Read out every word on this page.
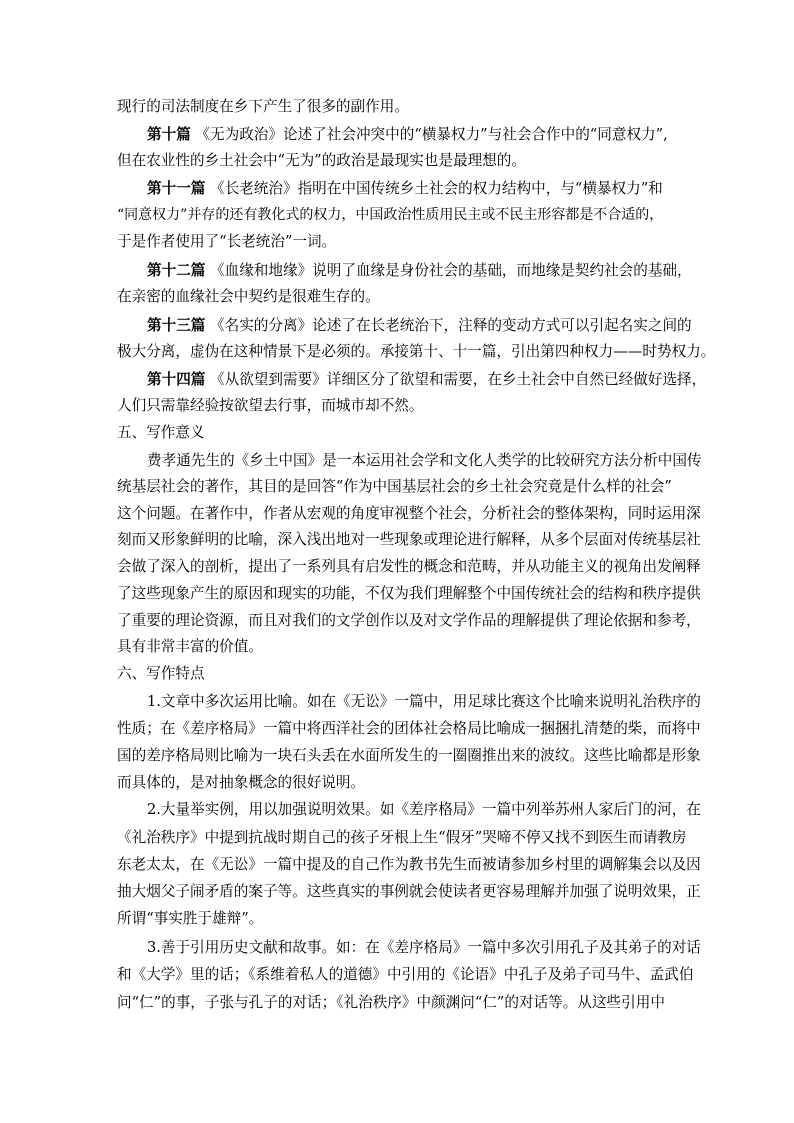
现行的司法制度在乡下产生了很多的副作用。
第十篇 《无为政治》论述了社会冲突中的“横暴权力”与社会合作中的“同意权力”,
但在农业性的乡土社会中“无为”的政治是最现实也是最理想的。
第十一篇 《长老统治》指明在中国传统乡土社会的权力结构中，与“横暴权力”和
“同意权力”并存的还有教化式的权力，中国政治性质用民主或不民主形容都是不合适的，
于是作者使用了“长老统治”一词。
第十二篇 《血缘和地缘》说明了血缘是身份社会的基础，而地缘是契约社会的基础，
在亲密的血缘社会中契约是很难生存的。
第十三篇 《名实的分离》论述了在长老统治下，注释的变动方式可以引起名实之间的
极大分离，虚伪在这种情景下是必须的。承接第十、十一篇，引出第四种权力——时势权力。
第十四篇 《从欲望到需要》详细区分了欲望和需要，在乡土社会中自然已经做好选择，
人们只需靠经验按欲望去行事，而城市却不然。
五、写作意义
费孝通先生的《乡土中国》是一本运用社会学和文化人类学的比较研究方法分析中国传
统基层社会的著作，其目的是回答“作为中国基层社会的乡土社会究竟是什么样的社会”
这个问题。在著作中，作者从宏观的角度审视整个社会，分析社会的整体架构，同时运用深
刻而又形象鲜明的比喻，深入浅出地对一些现象或理论进行解释，从多个层面对传统基层社
会做了深入的剖析，提出了一系列具有启发性的概念和范畴，并从功能主义的视角出发阐释
了这些现象产生的原因和现实的功能，不仅为我们理解整个中国传统社会的结构和秩序提供
了重要的理论资源，而且对我们的文学创作以及对文学作品的理解提供了理论依据和参考，
具有非常丰富的价值。
六、写作特点
1.文章中多次运用比喻。如在《无讼》一篇中，用足球比赛这个比喻来说明礼治秩序的
性质；在《差序格局》一篇中将西洋社会的团体社会格局比喻成一捆捆扎清楚的柴，而将中
国的差序格局则比喻为一块石头丢在水面所发生的一圈圈推出来的波纹。这些比喻都是形象
而具体的，是对抽象概念的很好说明。
2.大量举实例，用以加强说明效果。如《差序格局》一篇中列举苏州人家后门的河，在
《礼治秩序》中提到抗战时期自己的孩子牙根上生“假牙”哭啼不停又找不到医生而请教房
东老太太，在《无讼》一篇中提及的自己作为教书先生而被请参加乡村里的调解集会以及因
抽大烟父子闹矛盾的案子等。这些真实的事例就会使读者更容易理解并加强了说明效果，正
所谓“事实胜于雄辩”。
3.善于引用历史文献和故事。如：在《差序格局》一篇中多次引用孔子及其弟子的对话
和《大学》里的话；《系维着私人的道德》中引用的《论语》中孔子及弟子司马牛、孟武伯
问“仁”的事，子张与孔子的对话；《礼治秩序》中颜渊问“仁”的对话等。从这些引用中
